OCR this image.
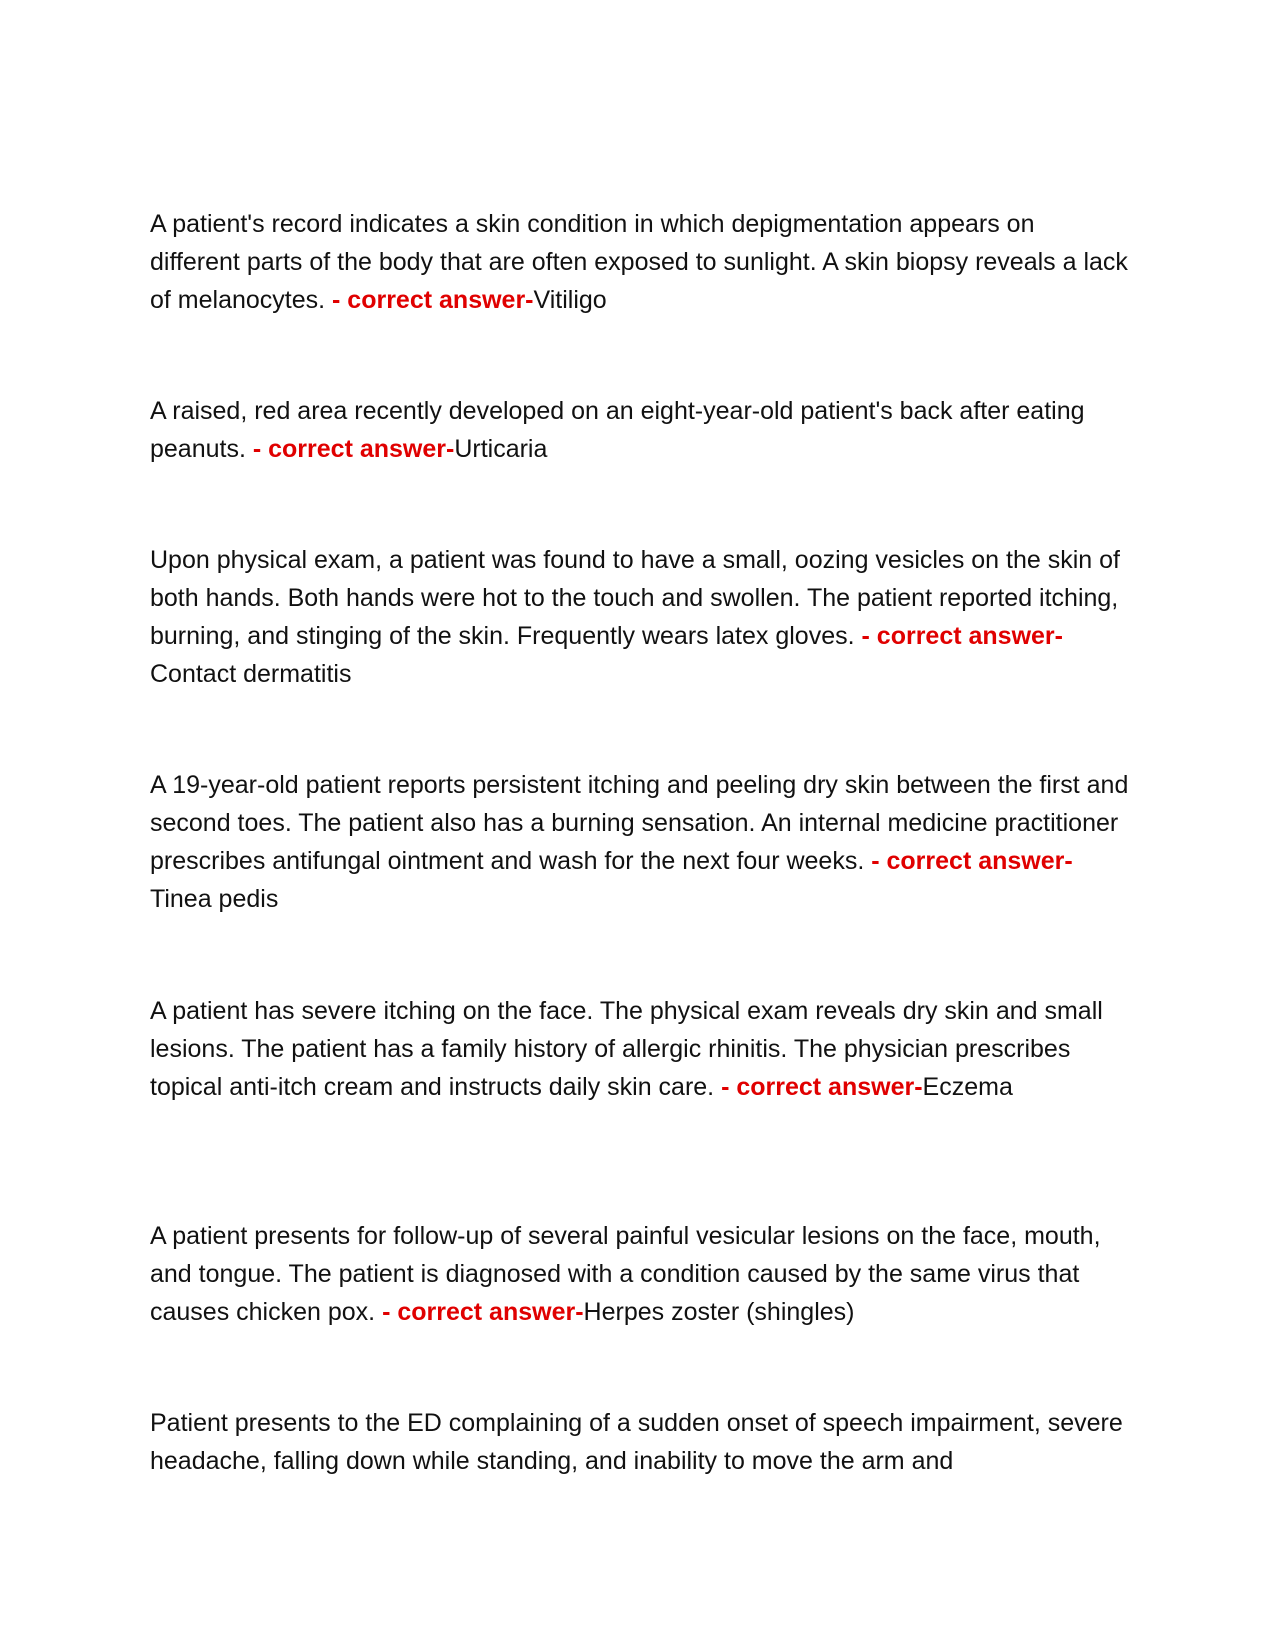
A patient's record indicates a skin condition in which depigmentation appears on different parts of the body that are often exposed to sunlight. A skin biopsy reveals a lack of melanocytes. - correct answer-Vitiligo
A raised, red area recently developed on an eight-year-old patient's back after eating peanuts. - correct answer-Urticaria
Upon physical exam, a patient was found to have a small, oozing vesicles on the skin of both hands. Both hands were hot to the touch and swollen. The patient reported itching, burning, and stinging of the skin. Frequently wears latex gloves. - correct answer-Contact dermatitis
A 19-year-old patient reports persistent itching and peeling dry skin between the first and second toes. The patient also has a burning sensation. An internal medicine practitioner prescribes antifungal ointment and wash for the next four weeks. - correct answer-Tinea pedis
A patient has severe itching on the face. The physical exam reveals dry skin and small lesions. The patient has a family history of allergic rhinitis. The physician prescribes topical anti-itch cream and instructs daily skin care. - correct answer-Eczema
A patient presents for follow-up of several painful vesicular lesions on the face, mouth, and tongue. The patient is diagnosed with a condition caused by the same virus that causes chicken pox. - correct answer-Herpes zoster (shingles)
Patient presents to the ED complaining of a sudden onset of speech impairment, severe headache, falling down while standing, and inability to move the arm and
